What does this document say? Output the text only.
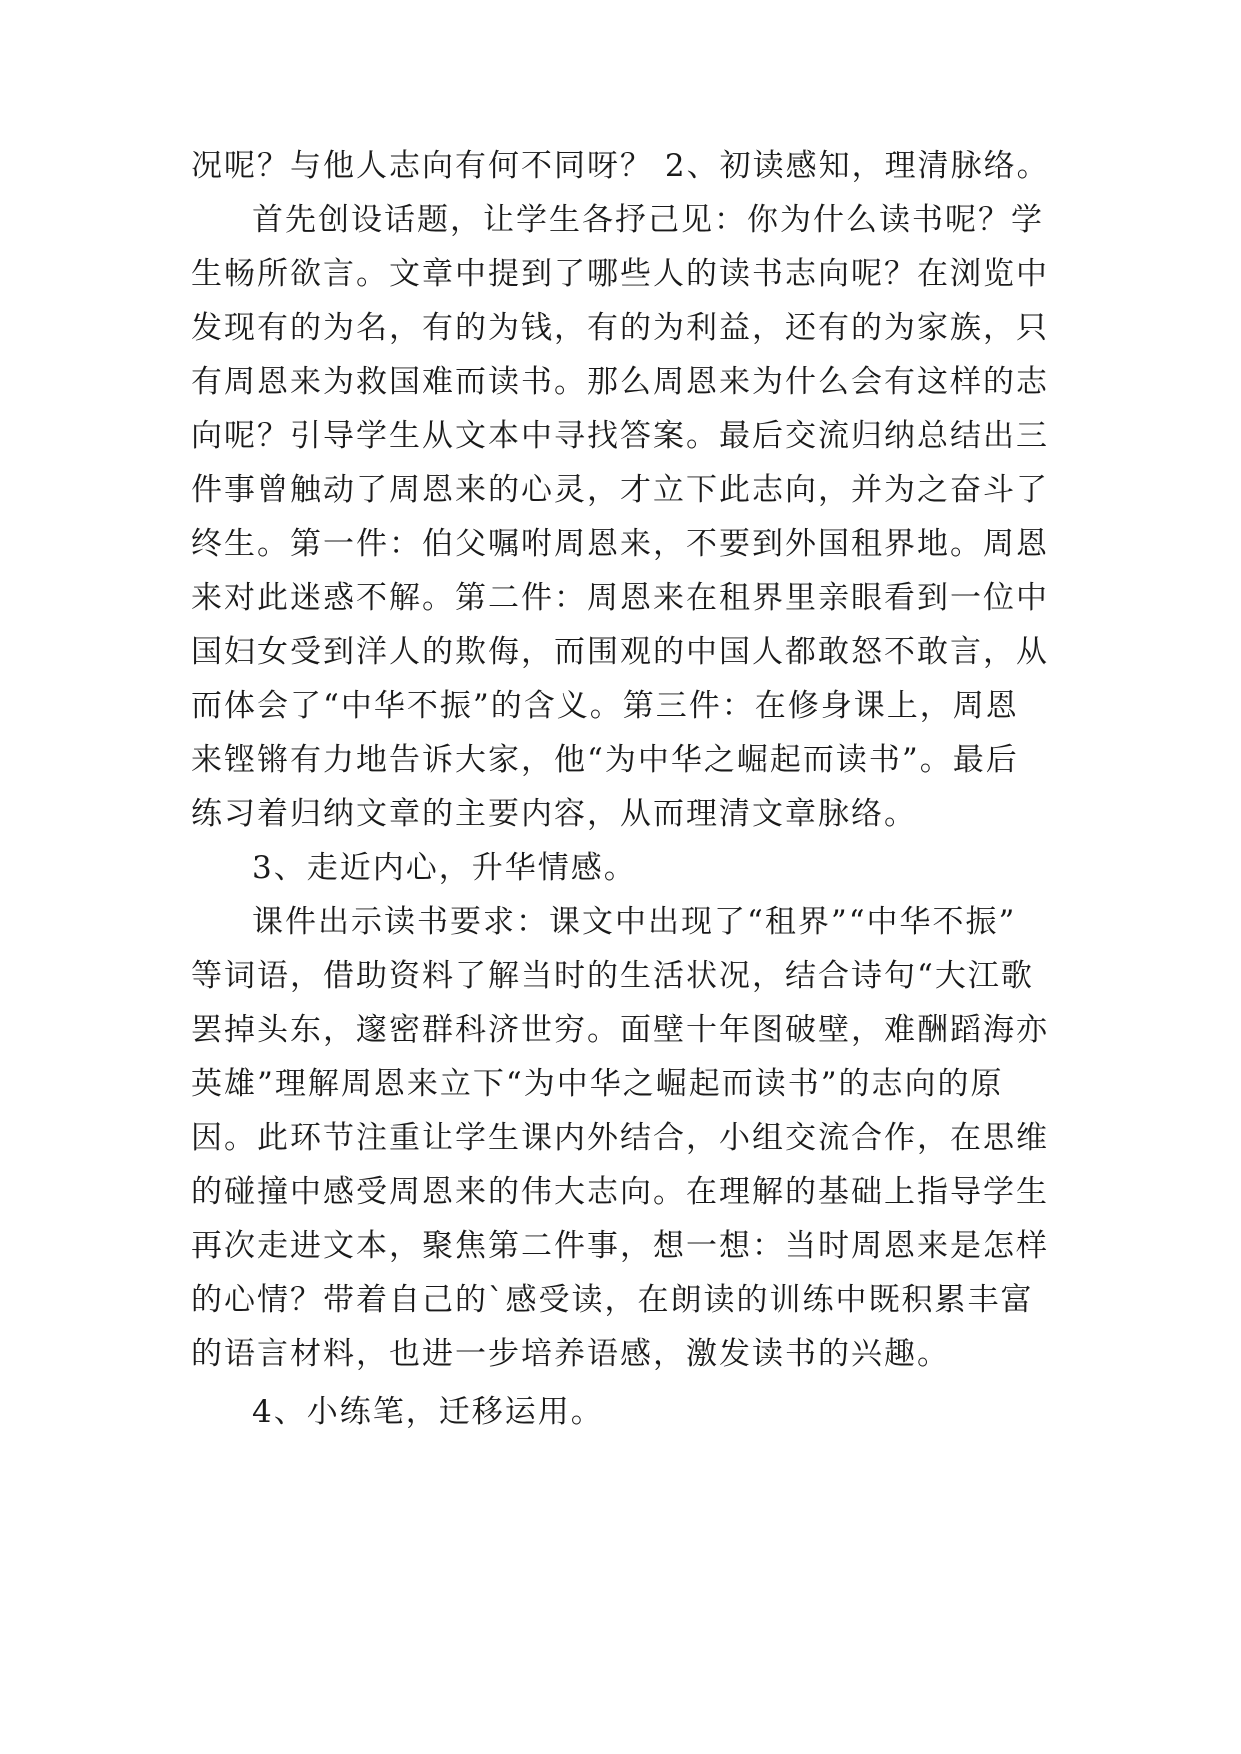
况呢？与他人志向有何不同呀？ 2、初读感知，理清脉络。
首先创设话题，让学生各抒己见：你为什么读书呢？学
生畅所欲言。文章中提到了哪些人的读书志向呢？在浏览中
发现有的为名，有的为钱，有的为利益，还有的为家族，只
有周恩来为救国难而读书。那么周恩来为什么会有这样的志
向呢？引导学生从文本中寻找答案。最后交流归纳总结出三
件事曾触动了周恩来的心灵，才立下此志向，并为之奋斗了
终生。第一件：伯父嘱咐周恩来，不要到外国租界地。周恩
来对此迷惑不解。第二件：周恩来在租界里亲眼看到一位中
国妇女受到洋人的欺侮，而围观的中国人都敢怒不敢言，从
而体会了“中华不振”的含义。第三件：在修身课上，周恩
来铿锵有力地告诉大家，他“为中华之崛起而读书”。最后
练习着归纳文章的主要内容，从而理清文章脉络。
3、走近内心，升华情感。
课件出示读书要求：课文中出现了“租界”“中华不振”
等词语，借助资料了解当时的生活状况，结合诗句“大江歌
罢掉头东，邃密群科济世穷。面壁十年图破壁，难酬蹈海亦
英雄”理解周恩来立下“为中华之崛起而读书”的志向的原
因。此环节注重让学生课内外结合，小组交流合作，在思维
的碰撞中感受周恩来的伟大志向。在理解的基础上指导学生
再次走进文本，聚焦第二件事，想一想：当时周恩来是怎样
的心情？带着自己的`感受读，在朗读的训练中既积累丰富
的语言材料，也进一步培养语感，激发读书的兴趣。
4、小练笔，迁移运用。
